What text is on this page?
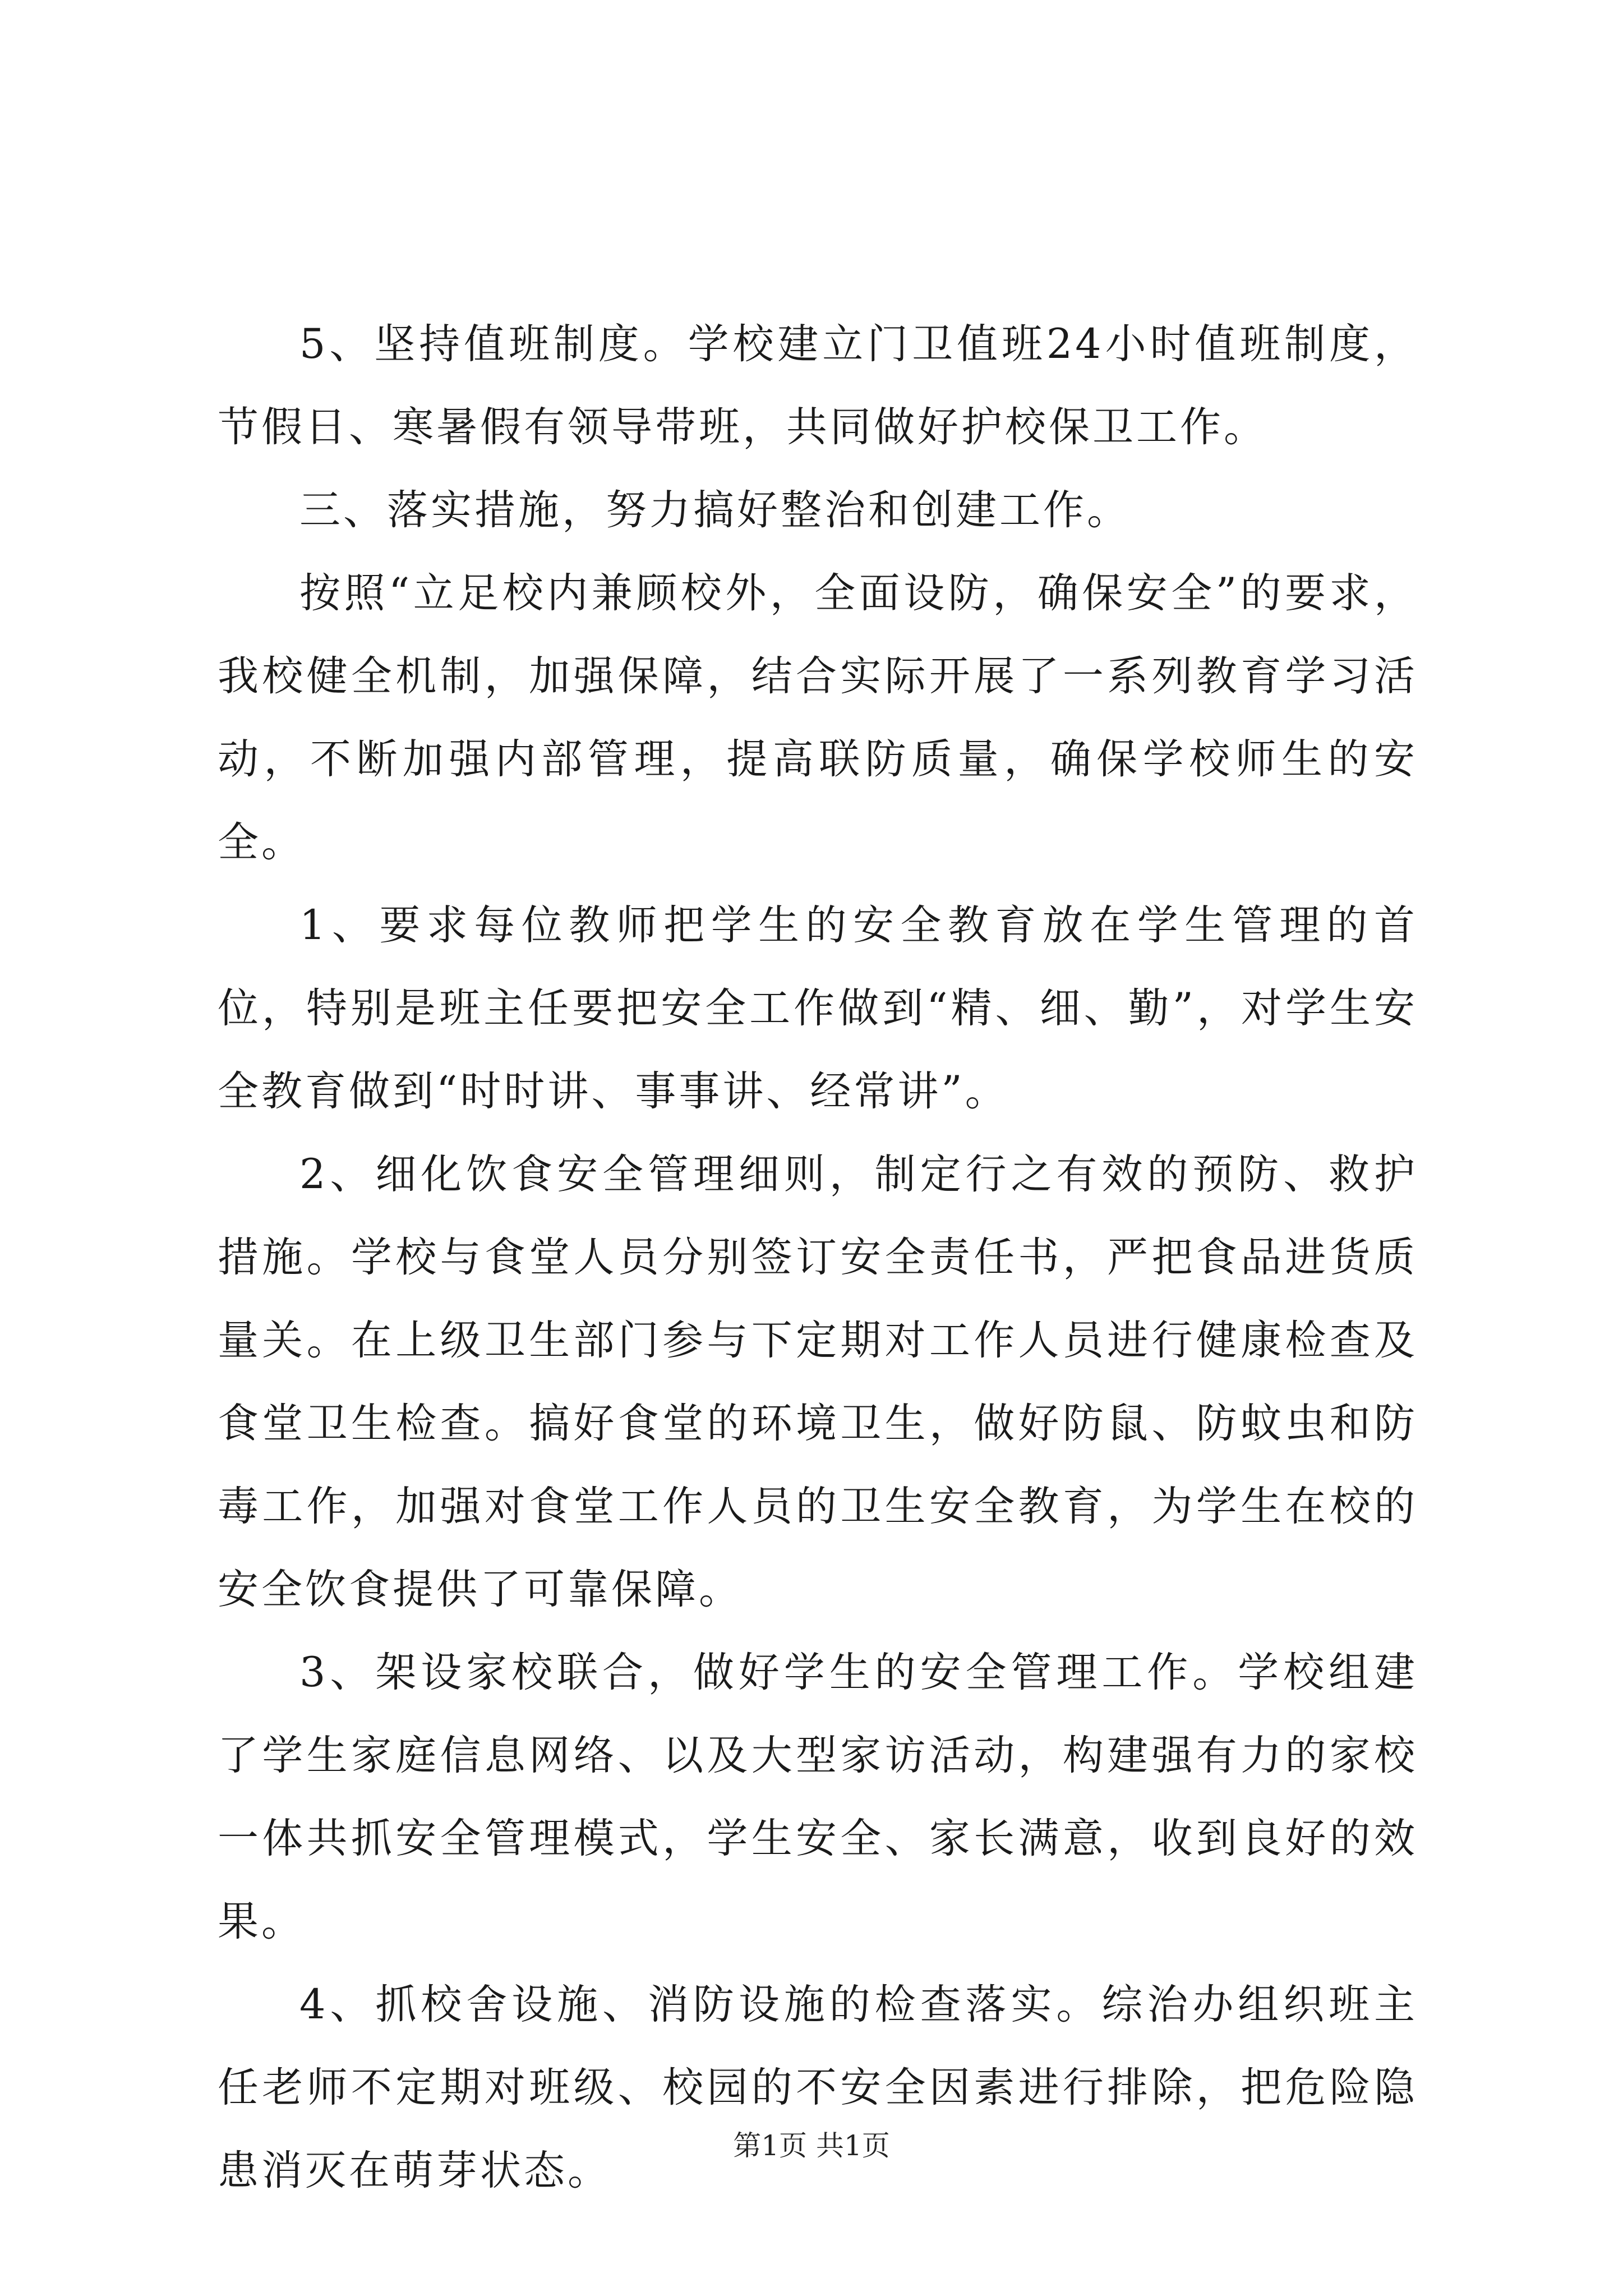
5、坚持值班制度。学校建立门卫值班24小时值班制度，节假日、寒暑假有领导带班，共同做好护校保卫工作。

三、落实措施，努力搞好整治和创建工作。

按照“立足校内兼顾校外，全面设防，确保安全”的要求，我校健全机制，加强保障，结合实际开展了一系列教育学习活动，不断加强内部管理，提高联防质量，确保学校师生的安全。

1、要求每位教师把学生的安全教育放在学生管理的首位，特别是班主任要把安全工作做到“精、细、勤”，对学生安全教育做到“时时讲、事事讲、经常讲”。

2、细化饮食安全管理细则，制定行之有效的预防、救护措施。学校与食堂人员分别签订安全责任书，严把食品进货质量关。在上级卫生部门参与下定期对工作人员进行健康检查及食堂卫生检查。搞好食堂的环境卫生，做好防鼠、防蚊虫和防毒工作，加强对食堂工作人员的卫生安全教育，为学生在校的安全饮食提供了可靠保障。

3、架设家校联合，做好学生的安全管理工作。学校组建了学生家庭信息网络、以及大型家访活动，构建强有力的家校一体共抓安全管理模式，学生安全、家长满意，收到良好的效果。

4、抓校舍设施、消防设施的检查落实。综治办组织班主任老师不定期对班级、校园的不安全因素进行排除，把危险隐患消灭在萌芽状态。

第1页 共1页
